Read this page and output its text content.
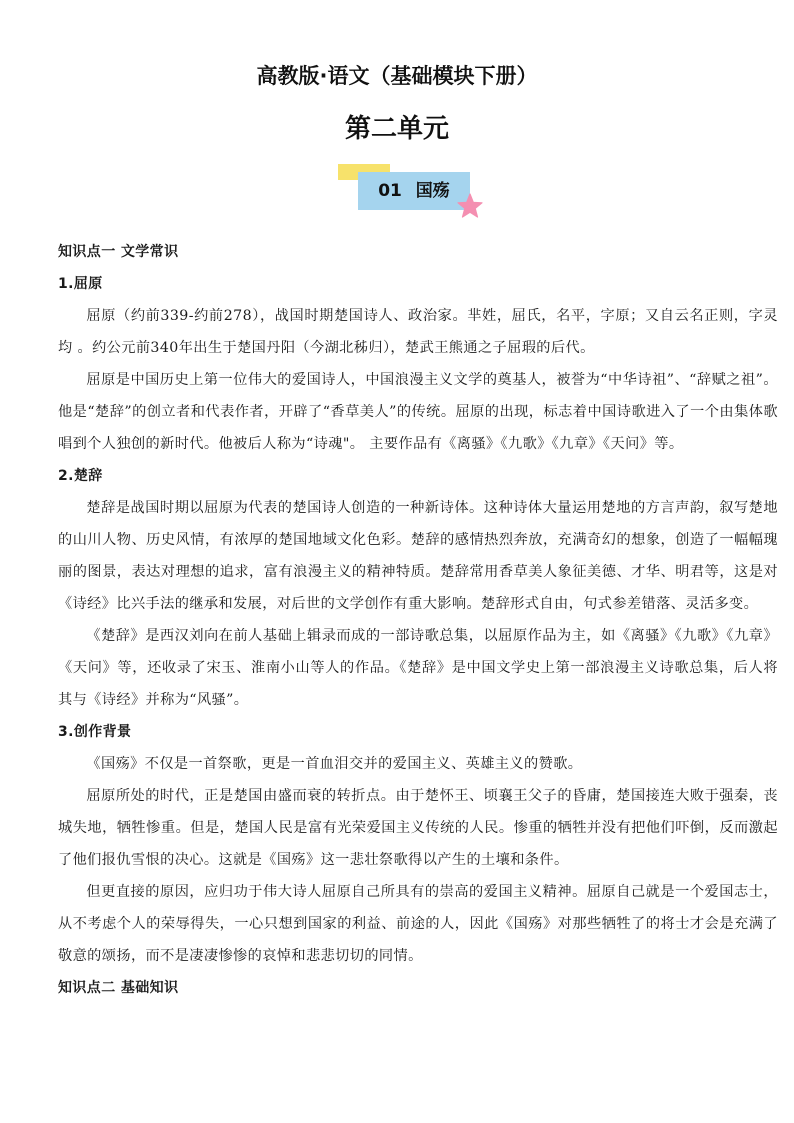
高教版·语文（基础模块下册）
第二单元
01 国殇

知识点一 文学常识

1.屈原

屈原（约前339-约前278），战国时期楚国诗人、政治家。芈姓，屈氏，名平，字原；又自云名正则，字灵均 。约公元前340年出生于楚国丹阳（今湖北秭归），楚武王熊通之子屈瑕的后代。

屈原是中国历史上第一位伟大的爱国诗人，中国浪漫主义文学的奠基人，被誉为“中华诗祖”、“辞赋之祖”。他是“楚辞”的创立者和代表作者，开辟了“香草美人”的传统。屈原的出现，标志着中国诗歌进入了一个由集体歌唱到个人独创的新时代。他被后人称为“诗魂"。 主要作品有《离骚》《九歌》《九章》《天问》等。

2.楚辞

楚辞是战国时期以屈原为代表的楚国诗人创造的一种新诗体。这种诗体大量运用楚地的方言声韵，叙写楚地的山川人物、历史风情，有浓厚的楚国地域文化色彩。楚辞的感情热烈奔放，充满奇幻的想象，创造了一幅幅瑰丽的图景，表达对理想的追求，富有浪漫主义的精神特质。楚辞常用香草美人象征美德、才华、明君等，这是对《诗经》比兴手法的继承和发展，对后世的文学创作有重大影响。楚辞形式自由，句式参差错落、灵活多变。

《楚辞》是西汉刘向在前人基础上辑录而成的一部诗歌总集，以屈原作品为主，如《离骚》《九歌》《九章》《天问》等，还收录了宋玉、淮南小山等人的作品。《楚辞》是中国文学史上第一部浪漫主义诗歌总集，后人将其与《诗经》并称为“风骚”。

3.创作背景

《国殇》不仅是一首祭歌，更是一首血泪交并的爱国主义、英雄主义的赞歌。

屈原所处的时代，正是楚国由盛而衰的转折点。由于楚怀王、顷襄王父子的昏庸，楚国接连大败于强秦，丧城失地，牺牲惨重。但是，楚国人民是富有光荣爱国主义传统的人民。惨重的牺牲并没有把他们吓倒，反而激起了他们报仇雪恨的决心。这就是《国殇》这一悲壮祭歌得以产生的土壤和条件。

但更直接的原因，应归功于伟大诗人屈原自己所具有的崇高的爱国主义精神。屈原自己就是一个爱国志士，从不考虑个人的荣辱得失，一心只想到国家的利益、前途的人，因此《国殇》对那些牺牲了的将士才会是充满了敬意的颂扬，而不是凄凄惨惨的哀悼和悲悲切切的同情。

知识点二 基础知识
